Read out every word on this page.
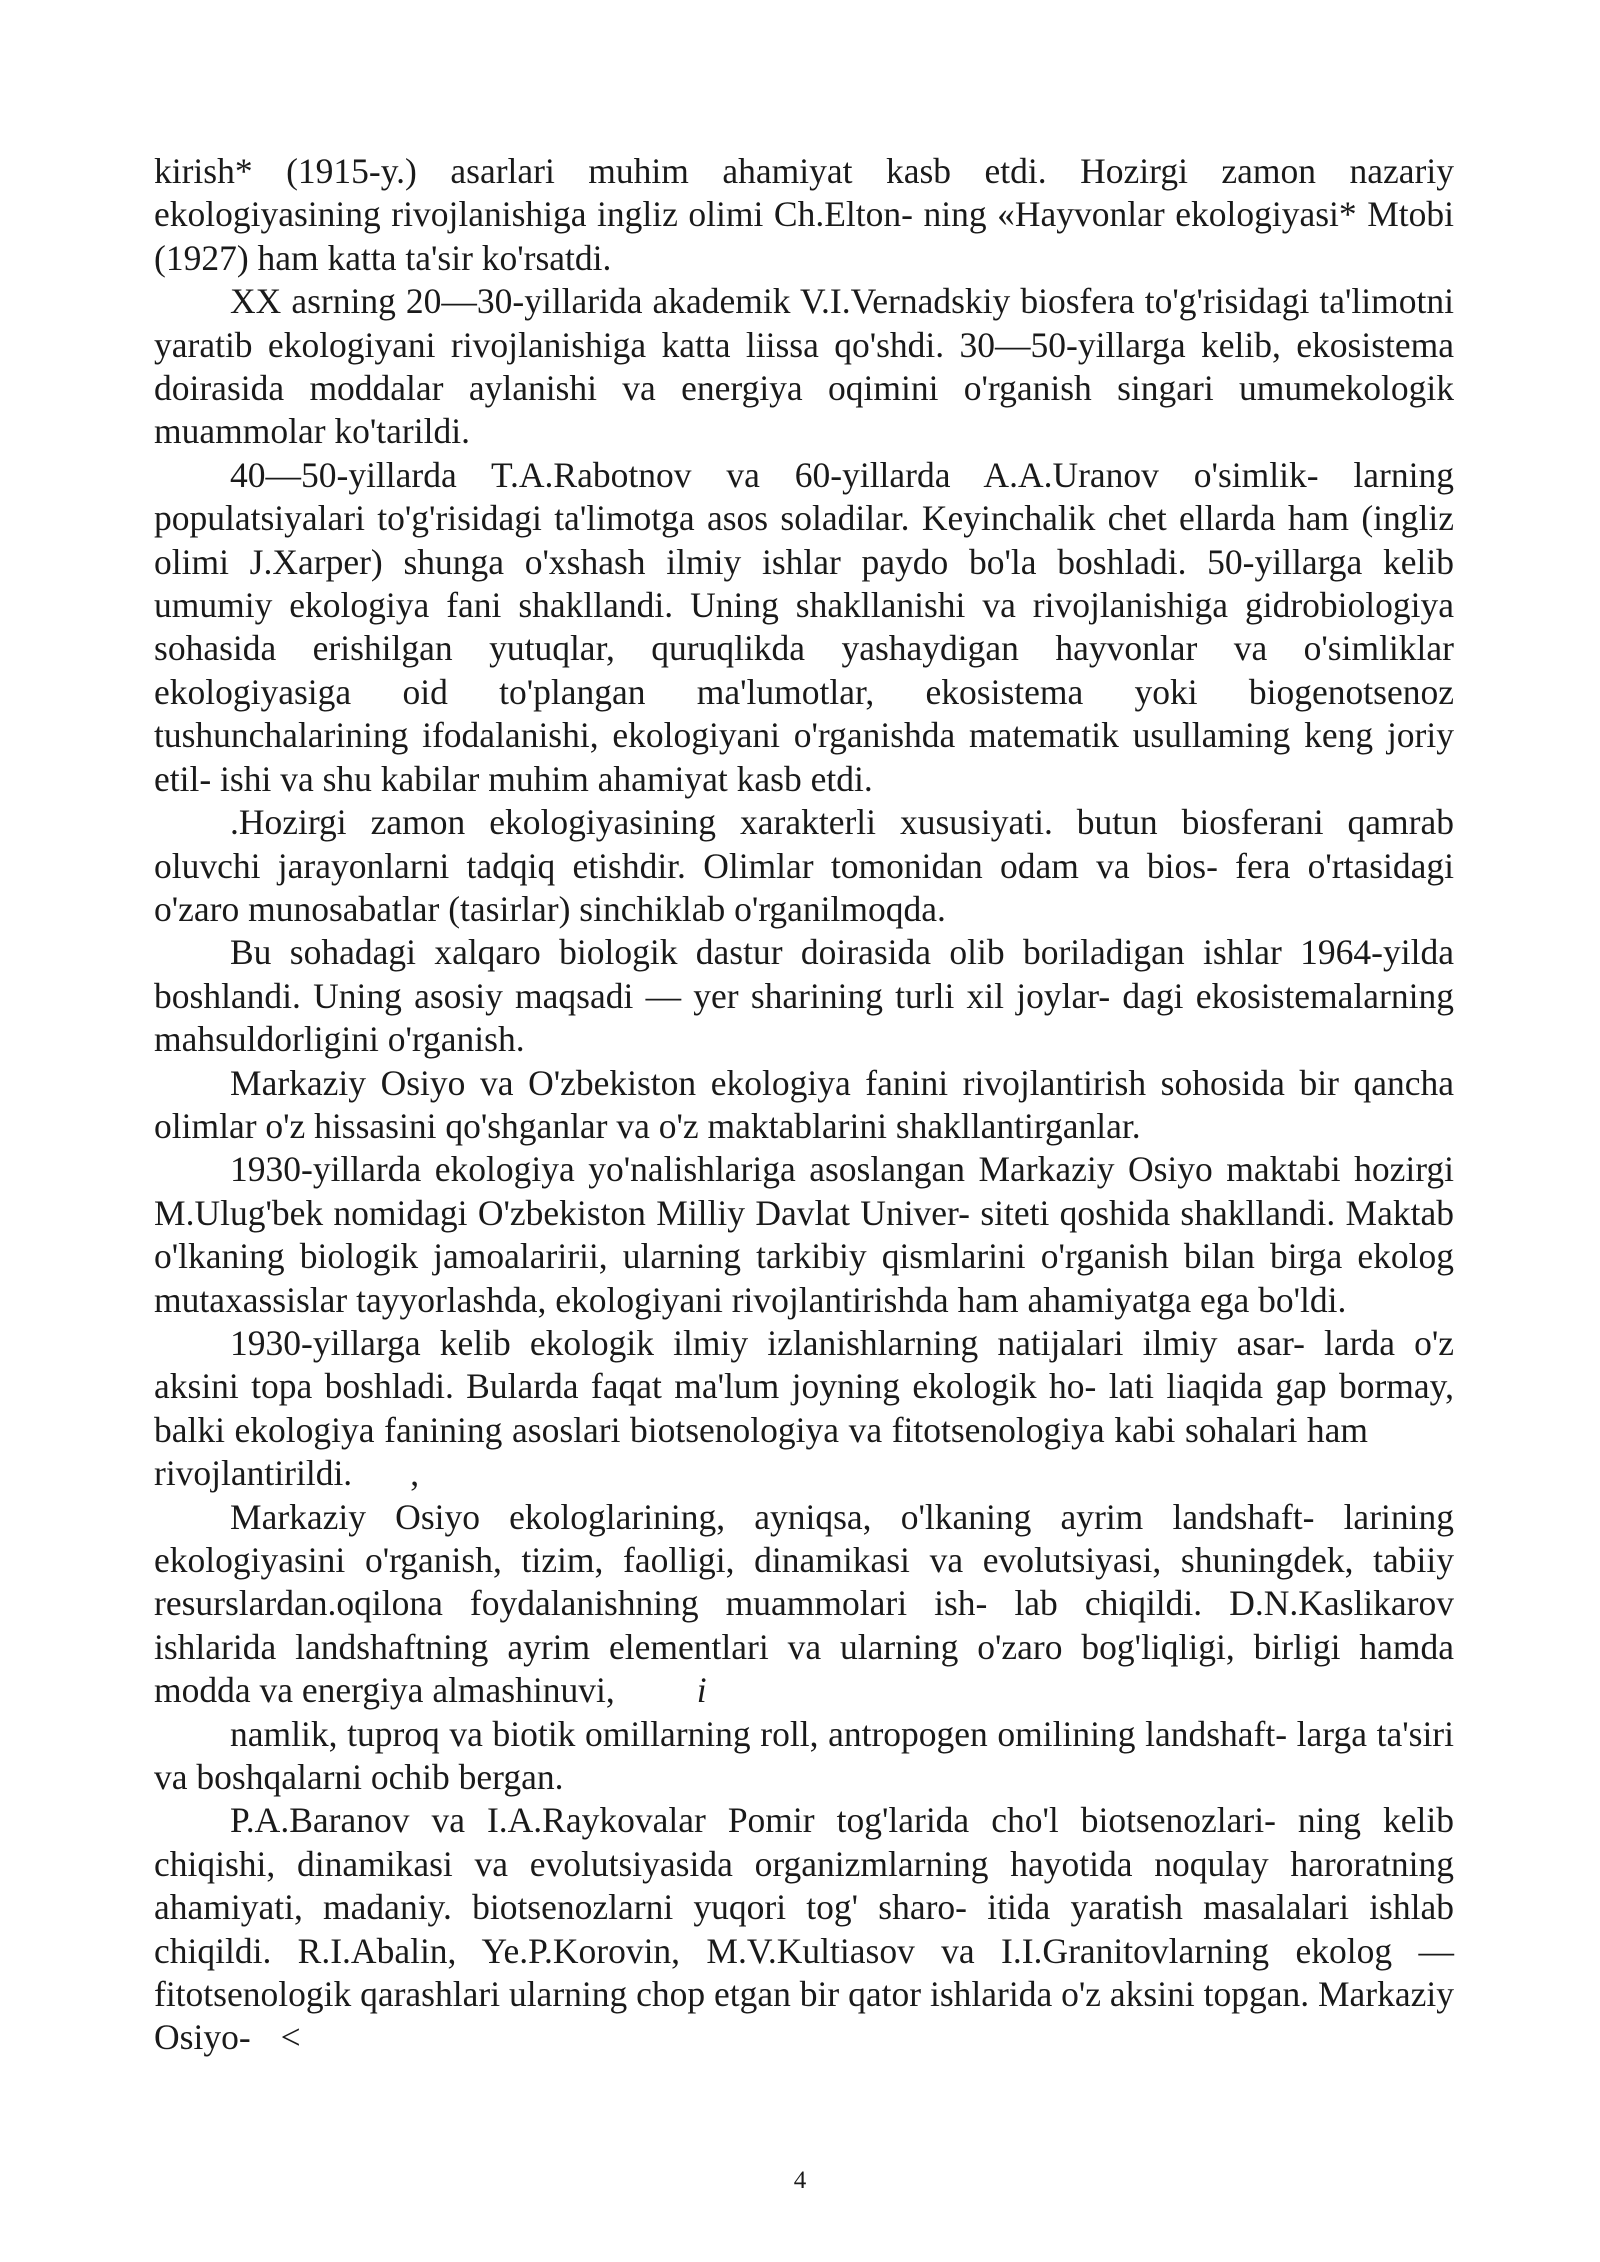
kirish* (1915-y.) asarlari muhim ahamiyat kasb etdi. Hozirgi zamon nazariy ekologiyasining rivojlanishiga ingliz olimi Ch.Elton- ning «Hayvonlar ekologiyasi* Mtobi (1927) ham katta ta'sir ko'rsatdi.

XX asrning 20—30-yillarida akademik V.I.Vernadskiy biosfera to'g'risidagi ta'limotni yaratib ekologiyani rivojlanishiga katta liissa qo'shdi. 30—50-yillarga kelib, ekosistema doirasida moddalar aylanishi va energiya oqimini o'rganish singari umumekologik muammolar ko'tarildi.

40—50-yillarda T.A.Rabotnov va 60-yillarda A.A.Uranov o'simlik- larning populatsiyalari to'g'risidagi ta'limotga asos soladilar. Keyinchalik chet ellarda ham (ingliz olimi J.Xarper) shunga o'xshash ilmiy ishlar paydo bo'la boshladi. 50-yillarga kelib umumiy ekologiya fani shakllandi. Uning shakllanishi va rivojlanishiga gidrobiologiya sohasida erishilgan yutuqlar, quruqlikda yashaydigan hayvonlar va o'simliklar ekologiyasiga oid to'plangan ma'lumotlar, ekosistema yoki biogenotsenoz tushunchalarining ifodalanishi, ekologiyani o'rganishda matematik usullaming keng joriy etil- ishi va shu kabilar muhim ahamiyat kasb etdi.

.Hozirgi zamon ekologiyasining xarakterli xususiyati. butun biosferani qamrab oluvchi jarayonlarni tadqiq etishdir. Olimlar tomonidan odam va bios- fera o'rtasidagi o'zaro munosabatlar (tasirlar) sinchiklab o'rganilmoqda.

Bu sohadagi xalqaro biologik dastur doirasida olib boriladigan ishlar 1964-yilda boshlandi. Uning asosiy maqsadi — yer sharining turli xil joylar- dagi ekosistemalarning mahsuldorligini o'rganish.

Markaziy Osiyo va O'zbekiston ekologiya fanini rivojlantirish sohosida bir qancha olimlar o'z hissasini qo'shganlar va o'z maktablarini shakllantirganlar.

1930-yillarda ekologiya yo'nalishlariga asoslangan Markaziy Osiyo maktabi hozirgi M.Ulug'bek nomidagi O'zbekiston Milliy Davlat Univer- siteti qoshida shakllandi. Maktab o'lkaning biologik jamoalaririi, ularning tarkibiy qismlarini o'rganish bilan birga ekolog mutaxassislar tayyorlashda, ekologiyani rivojlantirishda ham ahamiyatga ega bo'ldi.

1930-yillarga kelib ekologik ilmiy izlanishlarning natijalari ilmiy asar- larda o'z aksini topa boshladi. Bularda faqat ma'lum joyning ekologik ho- lati liaqida gap bormay, balki ekologiya fanining asoslari biotsenologiya va fitotsenologiya kabi sohalari hamrivojlantirildi. ,

Markaziy Osiyo ekologlarining, ayniqsa, o'lkaning ayrim landshaft- larining ekologiyasini o'rganish, tizim, faolligi, dinamikasi va evolutsiyasi, shuningdek, tabiiy resurslardan.oqilona foydalanishning muammolari ish- lab chiqildi. D.N.Kaslikarov ishlarida landshaftning ayrim elementlari va ularning o'zaro bog'liqligi, birligi hamda modda va energiya almashinuvi, i

namlik, tuproq va biotik omillarning roll, antropogen omilining landshaft- larga ta'siri va boshqalarni ochib bergan.

P.A.Baranov va I.A.Raykovalar Pomir tog'larida cho'l biotsenozlari- ning kelib chiqishi, dinamikasi va evolutsiyasida organizmlarning hayotida noqulay haroratning ahamiyati, madaniy. biotsenozlarni yuqori tog' sharo- itida yaratish masalalari ishlab chiqildi. R.I.Abalin, Ye.P.Korovin, M.V.Kultiasov va I.I.Granitovlarning ekolog — fitotsenologik qarashlari ularning chop etgan bir qator ishlarida o'z aksini topgan. Markaziy Osiyo- <

4
